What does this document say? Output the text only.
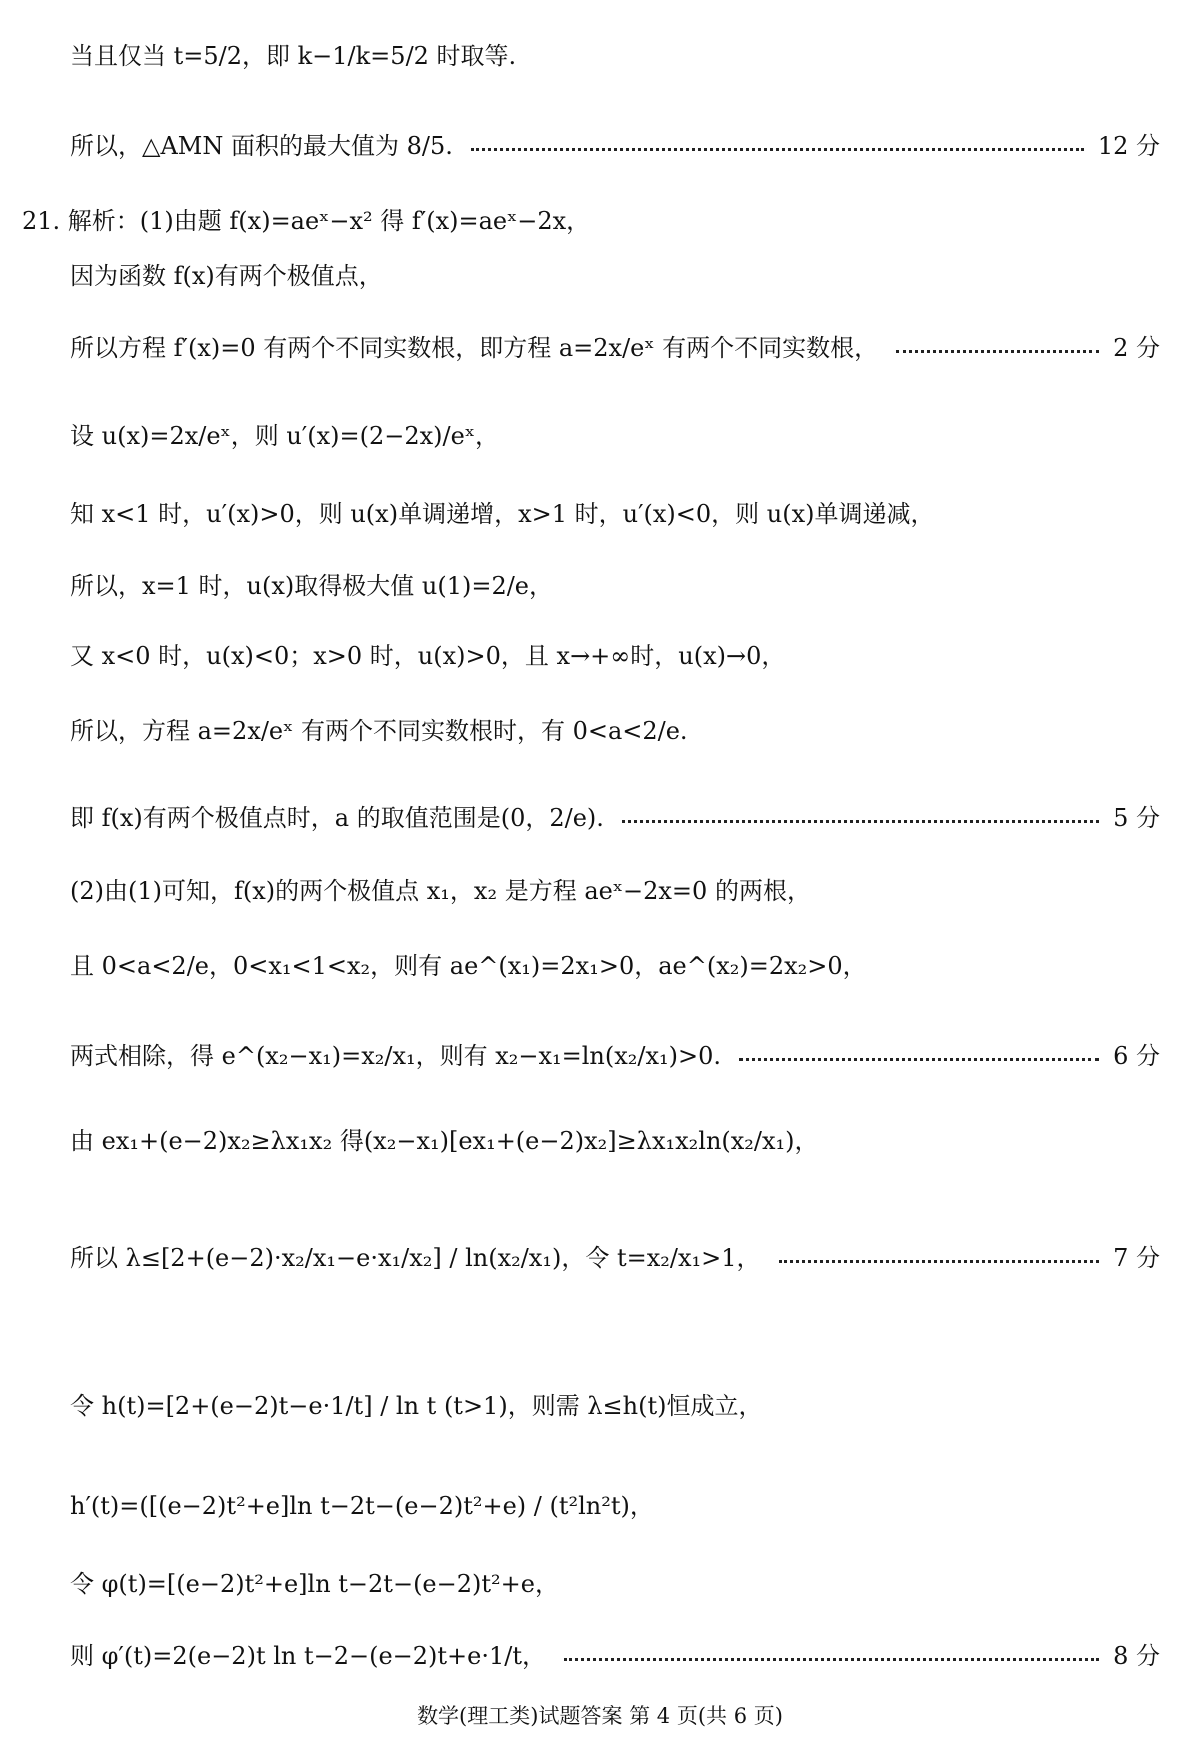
当且仅当 t=5/2，即 k−1/k=5/2 时取等.
所以，△AMN 面积的最大值为 8/5.	12 分
21. 解析：(1)由题 f(x)=aeˣ−x² 得 f′(x)=aeˣ−2x，
因为函数 f(x)有两个极值点，
所以方程 f′(x)=0 有两个不同实数根，即方程 a=2x/eˣ 有两个不同实数根，	2 分
设 u(x)=2x/eˣ，则 u′(x)=(2−2x)/eˣ，
知 x<1 时，u′(x)>0，则 u(x)单调递增，x>1 时，u′(x)<0，则 u(x)单调递减，
所以，x=1 时，u(x)取得极大值 u(1)=2/e，
又 x<0 时，u(x)<0；x>0 时，u(x)>0，且 x→+∞时，u(x)→0，
所以，方程 a=2x/eˣ 有两个不同实数根时，有 0<a<2/e.
即 f(x)有两个极值点时，a 的取值范围是(0，2/e).	5 分
(2)由(1)可知，f(x)的两个极值点 x₁，x₂ 是方程 aeˣ−2x=0 的两根，
且 0<a<2/e，0<x₁<1<x₂，则有 ae^(x₁)=2x₁>0，ae^(x₂)=2x₂>0，
两式相除，得 e^(x₂−x₁)=x₂/x₁，则有 x₂−x₁=ln(x₂/x₁)>0.	6 分
由 ex₁+(e−2)x₂≥λx₁x₂ 得(x₂−x₁)[ex₁+(e−2)x₂]≥λx₁x₂ln(x₂/x₁)，
所以 λ≤[2+(e−2)·x₂/x₁−e·x₁/x₂] / ln(x₂/x₁)，令 t=x₂/x₁>1，	7 分
令 h(t)=[2+(e−2)t−e·1/t] / ln t (t>1)，则需 λ≤h(t)恒成立，
h′(t)=([(e−2)t²+e]ln t−2t−(e−2)t²+e) / (t²ln²t)，
令 φ(t)=[(e−2)t²+e]ln t−2t−(e−2)t²+e，
则 φ′(t)=2(e−2)t ln t−2−(e−2)t+e·1/t，	8 分
数学(理工类)试题答案 第 4 页(共 6 页)
